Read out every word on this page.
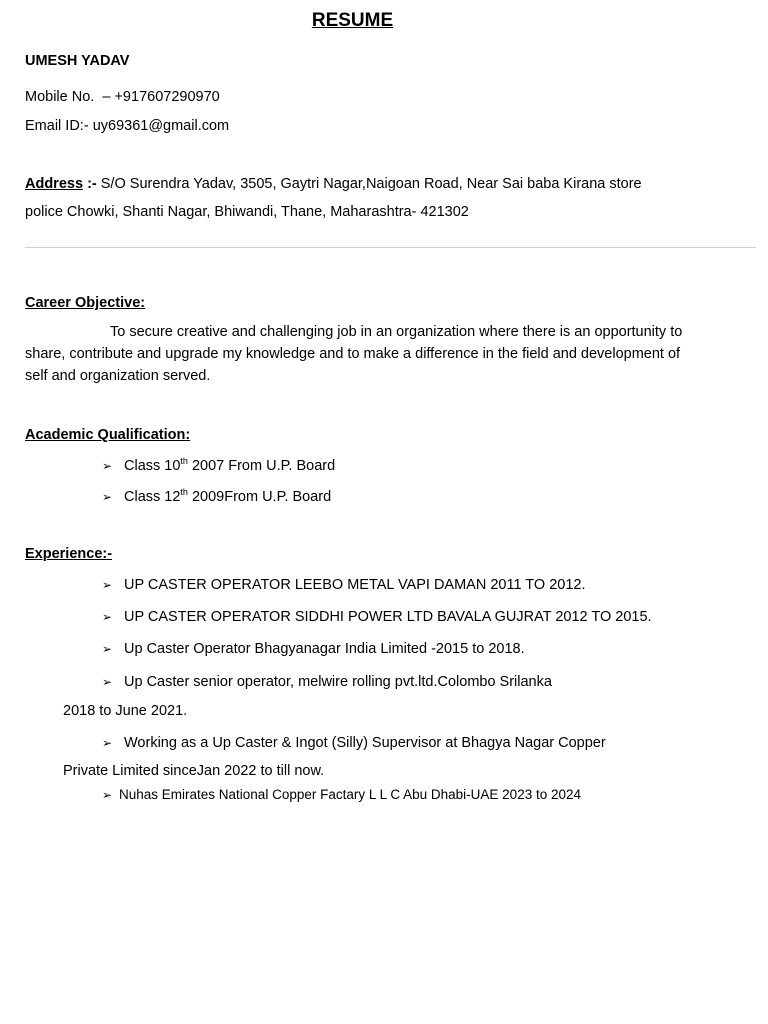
RESUME
UMESH YADAV
Mobile No. – +917607290970
Email ID:- uy69361@gmail.com
Address :- S/O Surendra Yadav, 3505, Gaytri Nagar,Naigoan Road, Near Sai baba Kirana store
police Chowki, Shanti Nagar, Bhiwandi, Thane, Maharashtra- 421302
Career Objective:
To secure creative and challenging job in an organization where there is an opportunity to share, contribute and upgrade my knowledge and to make a difference in the field and development of self and organization served.
Academic Qualification:
➢ Class 10th 2007 From U.P. Board
➢ Class 12th 2009From U.P. Board
Experience:-
➢ UP CASTER OPERATOR LEEBO METAL VAPI DAMAN 2011 TO 2012.
➢ UP CASTER OPERATOR SIDDHI POWER LTD BAVALA GUJRAT 2012 TO 2015.
➢ Up Caster Operator Bhagyanagar India Limited -2015 to 2018.
➢ Up Caster senior operator, melwire rolling pvt.ltd.Colombo Srilanka
2018 to June 2021.
➢ Working as a Up Caster & Ingot (Silly) Supervisor at Bhagya Nagar Copper
Private Limited sinceJan 2022 to till now.
➢ Nuhas Emirates National Copper Factary L L C Abu Dhabi-UAE 2023 to 2024
